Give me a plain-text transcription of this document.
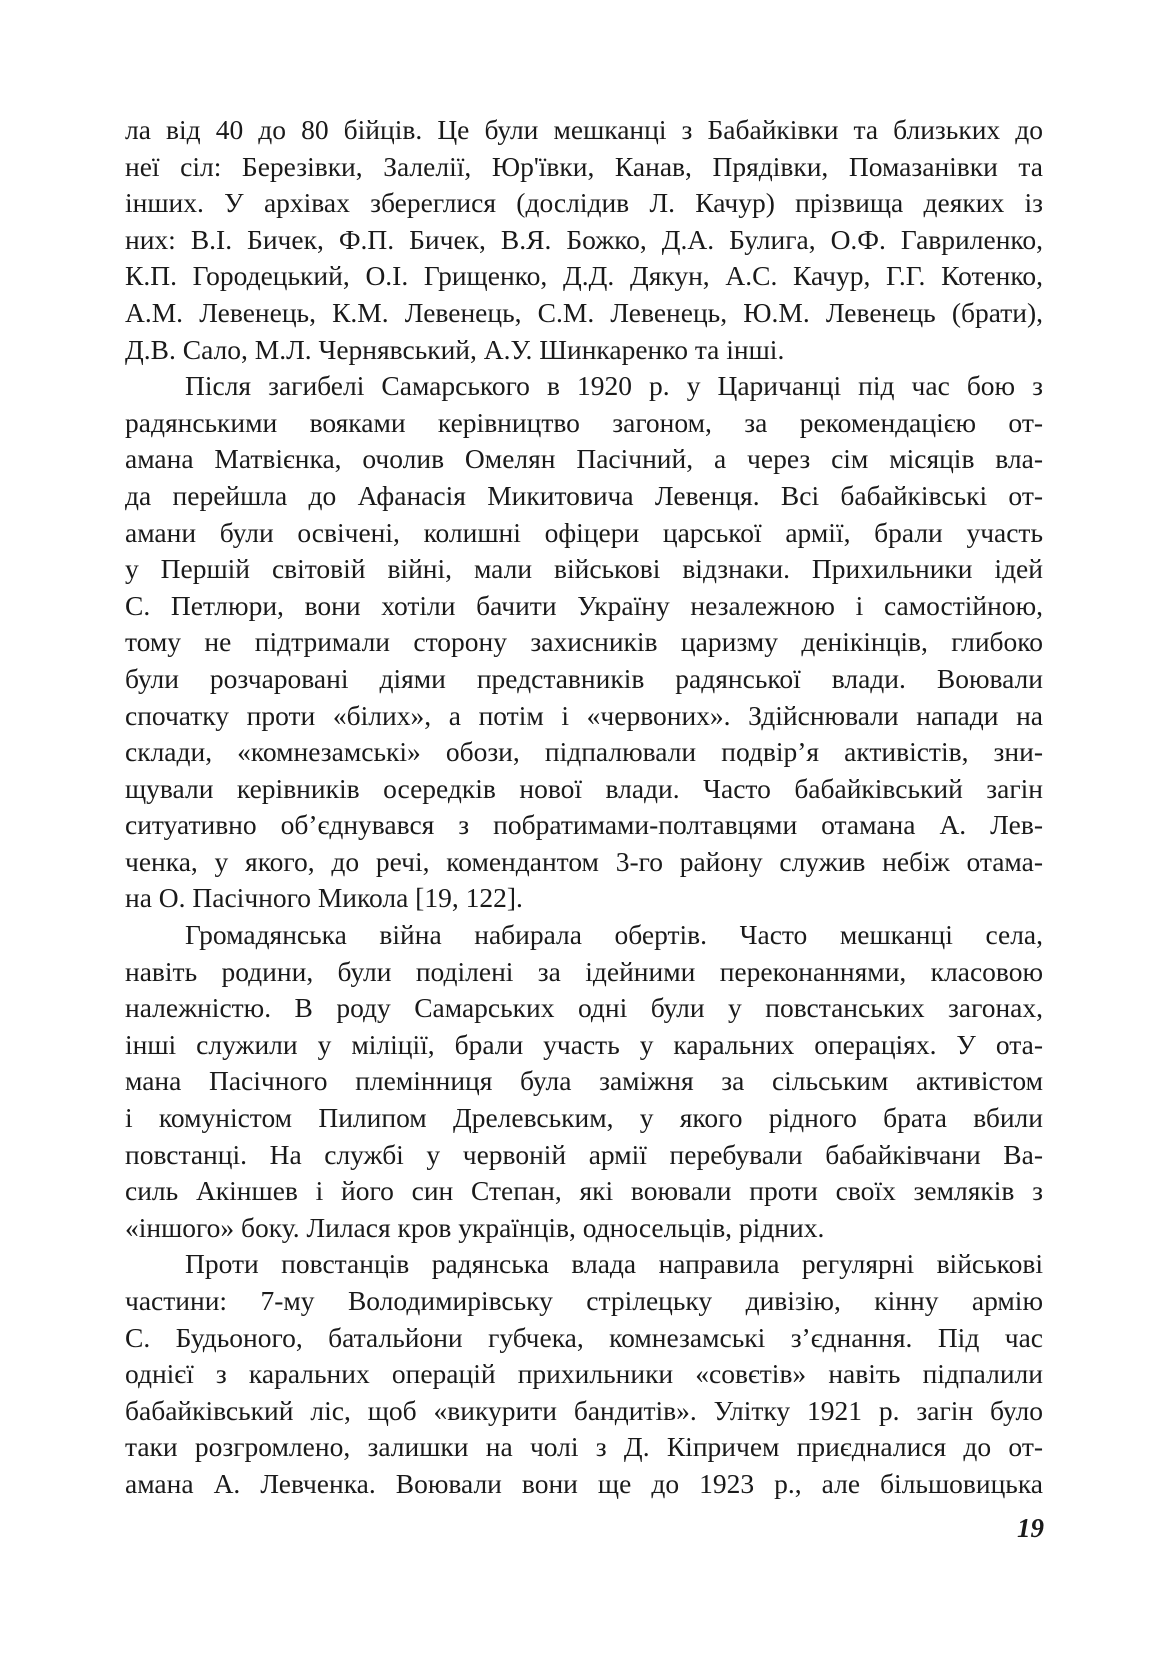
ла від 40 до 80 бійців. Це були мешканці з Бабайківки та близьких до
неї сіл: Березівки, Залелії, Юр'ївки, Канав, Прядівки, Помазанівки та
інших. У архівах збереглися (дослідив Л. Качур) прізвища деяких із
них: В.І. Бичек, Ф.П. Бичек, В.Я. Божко, Д.А. Булига, О.Ф. Гавриленко,
К.П. Городецький, О.І. Грищенко, Д.Д. Дякун, А.С. Качур, Г.Г. Котенко,
А.М. Левенець, К.М. Левенець, С.М. Левенець, Ю.М. Левенець (брати),
Д.В. Сало, М.Л. Чернявський, А.У. Шинкаренко та інші.

Після загибелі Самарського в 1920 р. у Царичанці під час бою з
радянськими вояками керівництво загоном, за рекомендацією от-
амана Матвієнка, очолив Омелян Пасічний, а через сім місяців вла-
да перейшла до Афанасія Микитовича Левенця. Всі бабайківські от-
амани були освічені, колишні офіцери царської армії, брали участь
у Першій світовій війні, мали військові відзнаки. Прихильники ідей
С. Петлюри, вони хотіли бачити Україну незалежною і самостійною,
тому не підтримали сторону захисників царизму денікінців, глибоко
були розчаровані діями представників радянської влади. Воювали
спочатку проти «білих», а потім і «червоних». Здійснювали напади на
склади, «комнезамські» обози, підпалювали подвір’я активістів, зни-
щували керівників осередків нової влади. Часто бабайківський загін
ситуативно об’єднувався з побратимами-полтавцями отамана А. Лев-
ченка, у якого, до речі, комендантом 3-го району служив небіж отама-
на О. Пасічного Микола [19, 122].

Громадянська війна набирала обертів. Часто мешканці села,
навіть родини, були поділені за ідейними переконаннями, класовою
належністю. В роду Самарських одні були у повстанських загонах,
інші служили у міліції, брали участь у каральних операціях. У ота-
мана Пасічного племінниця була заміжня за сільським активістом
і комуністом Пилипом Дрелевським, у якого рідного брата вбили
повстанці. На службі у червоній армії перебували бабайківчани Ва-
силь Акіншев і його син Степан, які воювали проти своїх земляків з
«іншого» боку. Лилася кров українців, односельців, рідних.

Проти повстанців радянська влада направила регулярні військові
частини: 7-му Володимирівську стрілецьку дивізію, кінну армію
С. Будьоного, батальйони губчека, комнезамські з’єднання. Під час
однієї з каральних операцій прихильники «совєтів» навіть підпалили
бабайківський ліс, щоб «викурити бандитів». Улітку 1921 р. загін було
таки розгромлено, залишки на чолі з Д. Кіпричем приєдналися до от-
амана А. Левченка. Воювали вони ще до 1923 р., але більшовицька

19
